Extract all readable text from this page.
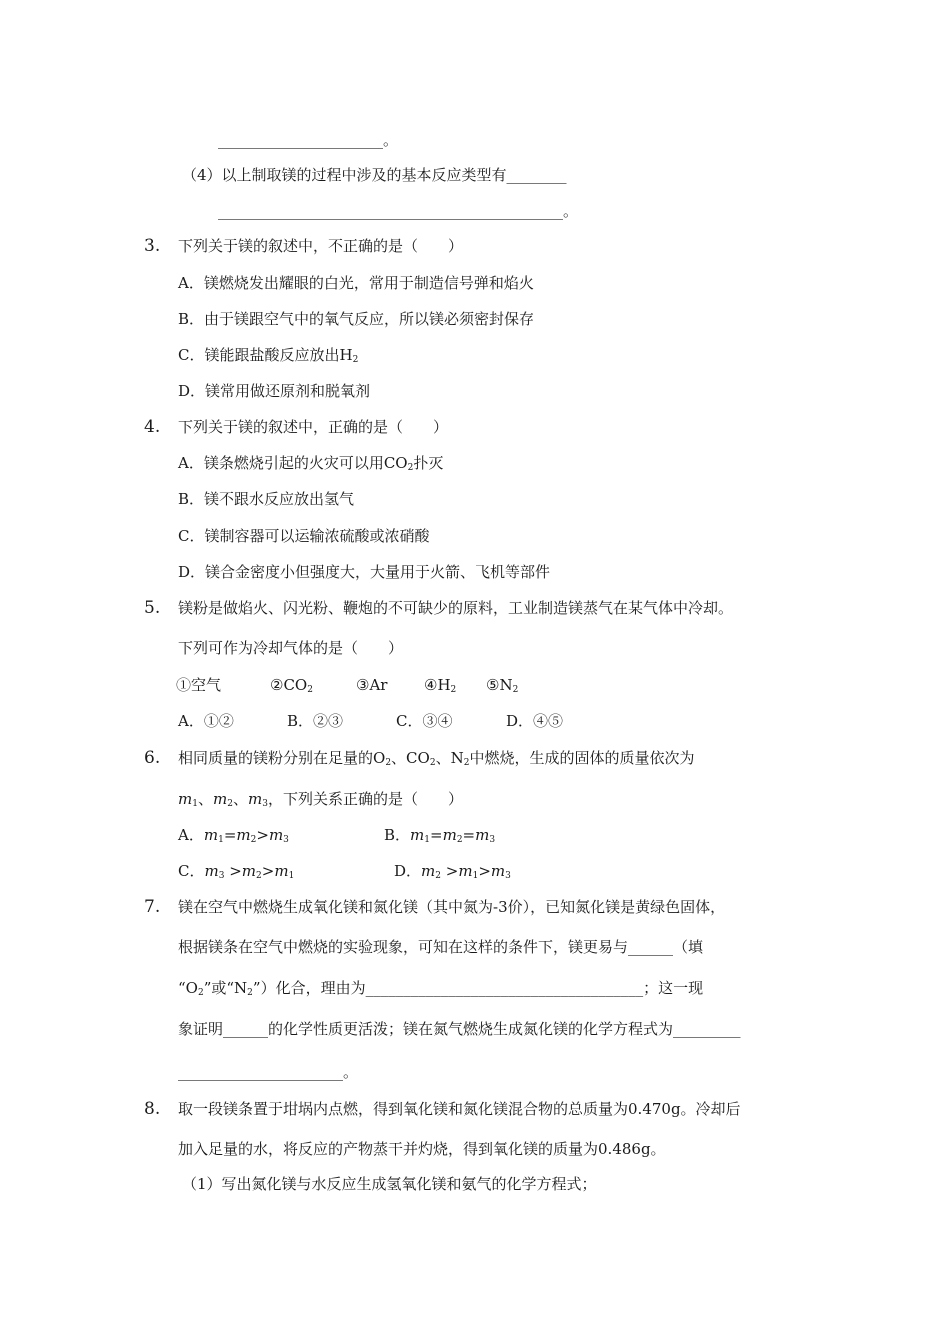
______________________。
（4）以上制取镁的过程中涉及的基本反应类型有________
______________________________________________。
3. 下列关于镁的叙述中，不正确的是（　　）
A．镁燃烧发出耀眼的白光，常用于制造信号弹和焰火
B．由于镁跟空气中的氧气反应，所以镁必须密封保存
C．镁能跟盐酸反应放出$H_2$
D．镁常用做还原剂和脱氧剂
4. 下列关于镁的叙述中，正确的是（　　）
A．镁条燃烧引起的火灾可以用$CO_2$扑灭
B．镁不跟水反应放出氢气
C．镁制容器可以运输浓硫酸或浓硝酸
D．镁合金密度小但强度大，大量用于火箭、飞机等部件
5. 镁粉是做焰火、闪光粉、鞭炮的不可缺少的原料，工业制造镁蒸气在某气体中冷却。
下列可作为冷却气体的是（　　）
①空气	$②CO_2$	③Ar $④H_2$ $⑤N_2$
A．①②	B．②③	C．③④	D．④⑤
6. 相同质量的镁粉分别在足量的$O_2$、$CO_2$、$N_2$中燃烧，生成的固体的质量依次为
$m_1$、$m_2$、$m_3$，下列关系正确的是（　　）
A．$m_1=m_2>m_3$	B．$m_1=m_2=m_3$
C．$m_3 >m_2>m_1$	D．$m_2 >m_1>m_3$
7. 镁在空气中燃烧生成氧化镁和氮化镁（其中氮为-3价），已知氮化镁是黄绿色固体，
根据镁条在空气中燃烧的实验现象，可知在这样的条件下，镁更易与______（填
“$O_2$”或“$N_2$”）化合，理由为_____________________________________；这一现
象证明______的化学性质更活泼；镁在氮气燃烧生成氮化镁的化学方程式为_________
______________________。
8. 取一段镁条置于坩埚内点燃，得到氧化镁和氮化镁混合物的总质量为0.470g。冷却后
加入足量的水，将反应的产物蒸干并灼烧，得到氧化镁的质量为0.486g。
（1）写出氮化镁与水反应生成氢氧化镁和氨气的化学方程式；
